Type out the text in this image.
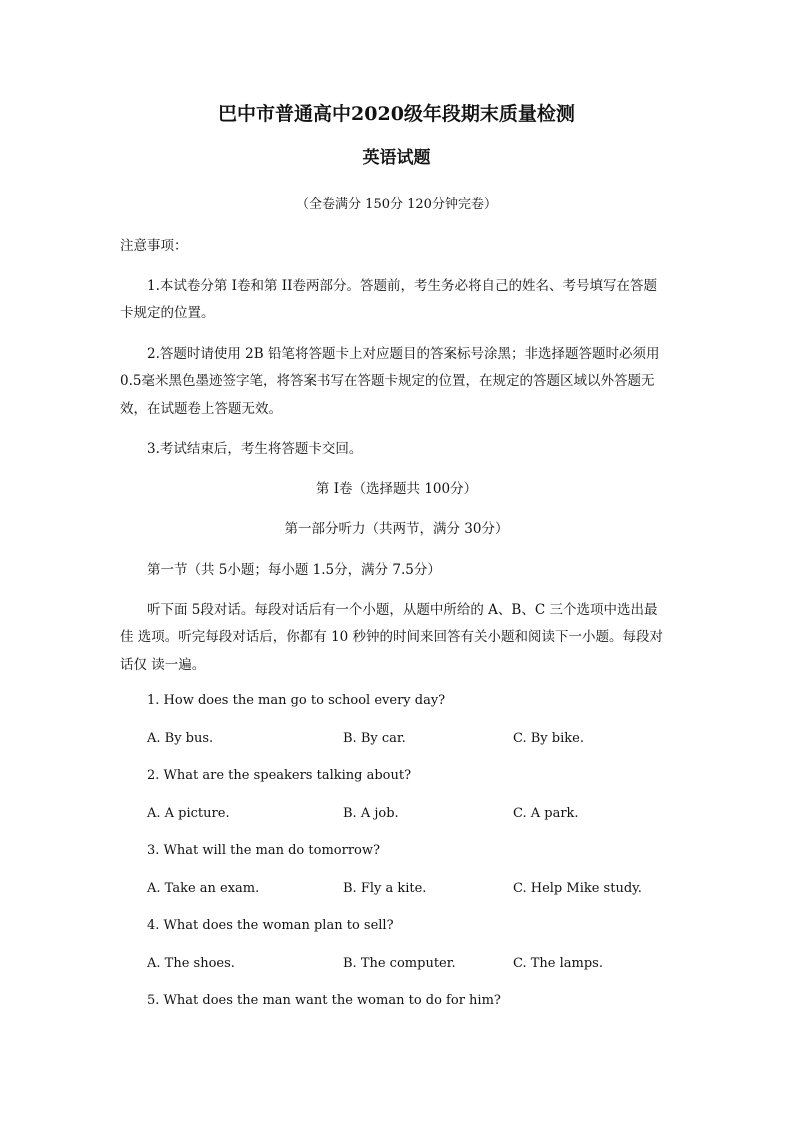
巴中市普通高中2020级年段期末质量检测
英语试题
（全卷满分 150分 120分钟完卷）
注意事项：
1.本试卷分第 I卷和第 II卷两部分。答题前，考生务必将自己的姓名、考号填写在答题
卡规定的位置。
2.答题时请使用 2B 铅笔将答题卡上对应题目的答案标号涂黑；非选择题答题时必须用
0.5毫米黑色墨迹签字笔，将答案书写在答题卡规定的位置，在规定的答题区域以外答题无
效，在试题卷上答题无效。
3.考试结束后，考生将答题卡交回。
第 I卷（选择题共 100分）
第一部分听力（共两节，满分 30分）
第一节（共 5小题；每小题 1.5分，满分 7.5分）
听下面 5段对话。每段对话后有一个小题，从题中所给的 A、B、C 三个选项中选出最
佳 选项。听完每段对话后，你都有 10 秒钟的时间来回答有关小题和阅读下一小题。每段对
话仅 读一遍。
1. How does the man go to school every day?
A. By bus.	B. By car.	C. By bike.
2. What are the speakers talking about?
A. A picture.	B. A job.	C. A park.
3. What will the man do tomorrow?
A. Take an exam.	B. Fly a kite.	C. Help Mike study.
4. What does the woman plan to sell?
A. The shoes.	B. The computer.	C. The lamps.
5. What does the man want the woman to do for him?
